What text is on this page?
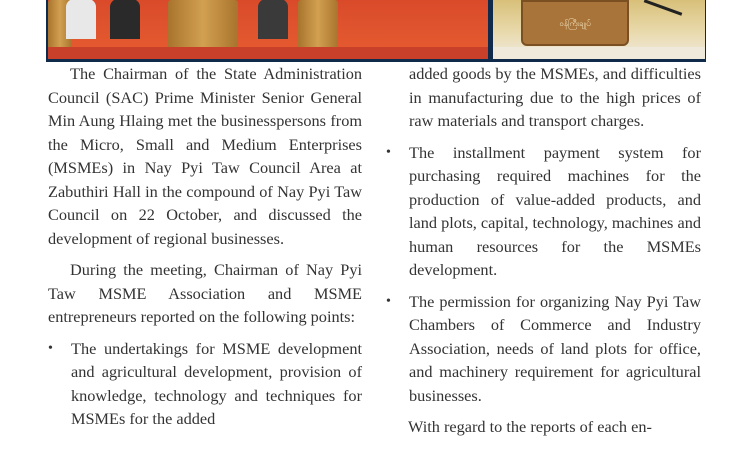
ဝန်ကြီးချုပ်

The Chairman of the State Administration Council (SAC) Prime Minister Senior General Min Aung Hlaing met the businesspersons from the Micro, Small and Medium Enterprises (MSMEs) in Nay Pyi Taw Council Area at Zabuthiri Hall in the compound of Nay Pyi Taw Council on 22 October, and discussed the development of regional businesses.

During the meeting, Chairman of Nay Pyi Taw MSME Association and MSME entrepreneurs reported on the following points:

• The undertakings for MSME development and agricultural development, provision of knowledge, technology and techniques for MSMEs for the added

added goods by the MSMEs, and difficulties in manufacturing due to the high prices of raw materials and transport charges.

• The installment payment system for purchasing required machines for the production of value-added products, and land plots, capital, technology, machines and human resources for the MSMEs development.
• The permission for organizing Nay Pyi Taw Chambers of Commerce and Industry Association, needs of land plots for office, and machinery requirement for agricultural businesses.

With regard to the reports of each en-
